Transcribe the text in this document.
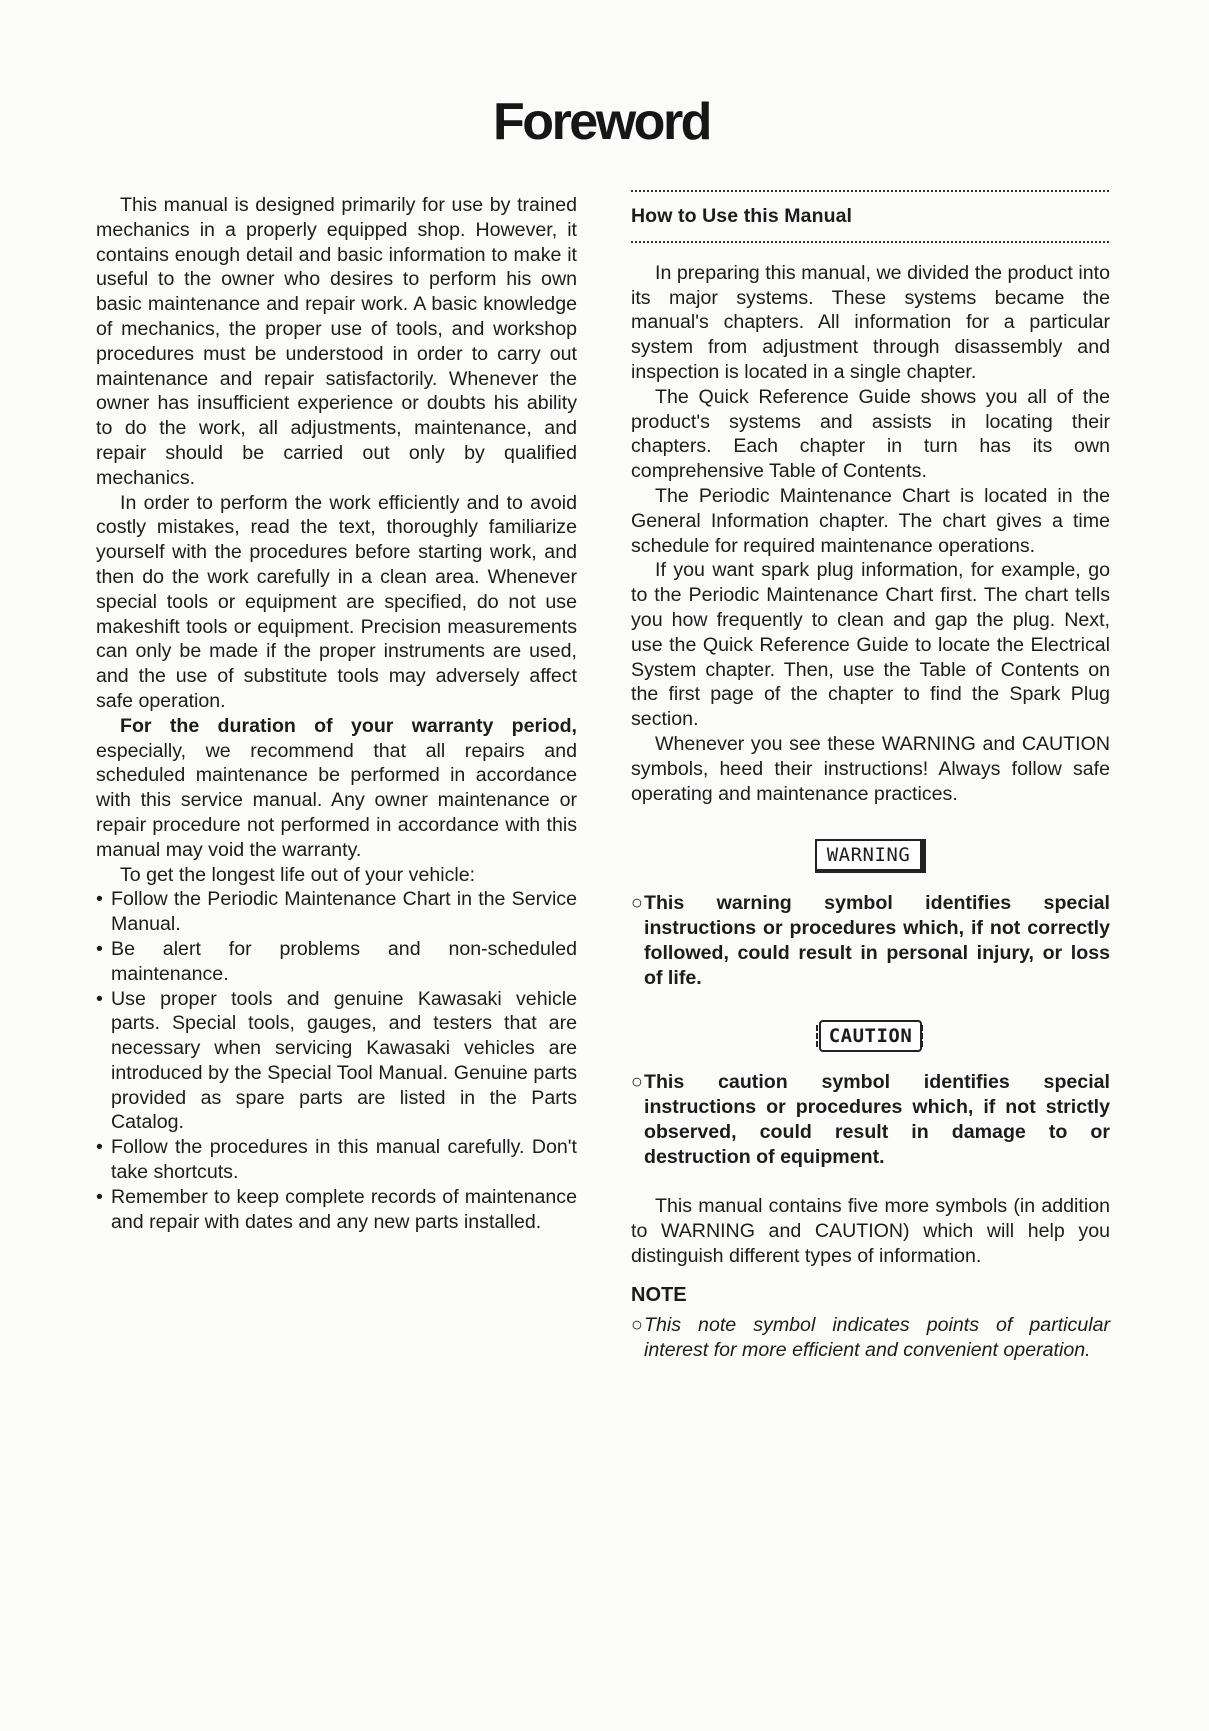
Foreword

This manual is designed primarily for use by trained mechanics in a properly equipped shop. However, it contains enough detail and basic information to make it useful to the owner who desires to perform his own basic maintenance and repair work. A basic knowledge of mechanics, the proper use of tools, and workshop procedures must be understood in order to carry out maintenance and repair satisfactorily. Whenever the owner has insufficient experience or doubts his ability to do the work, all adjustments, maintenance, and repair should be carried out only by qualified mechanics.

In order to perform the work efficiently and to avoid costly mistakes, read the text, thoroughly familiarize yourself with the procedures before starting work, and then do the work carefully in a clean area. Whenever special tools or equipment are specified, do not use makeshift tools or equipment. Precision measurements can only be made if the proper instruments are used, and the use of substitute tools may adversely affect safe operation.

For the duration of your warranty period, especially, we recommend that all repairs and scheduled maintenance be performed in accordance with this service manual. Any owner maintenance or repair procedure not performed in accordance with this manual may void the warranty.

To get the longest life out of your vehicle:

• Follow the Periodic Maintenance Chart in the Service Manual.
• Be alert for problems and non-scheduled maintenance.
• Use proper tools and genuine Kawasaki vehicle parts. Special tools, gauges, and testers that are necessary when servicing Kawasaki vehicles are introduced by the Special Tool Manual. Genuine parts provided as spare parts are listed in the Parts Catalog.
• Follow the procedures in this manual carefully. Don't take shortcuts.
• Remember to keep complete records of maintenance and repair with dates and any new parts installed.
How to Use this Manual

In preparing this manual, we divided the product into its major systems. These systems became the manual's chapters. All information for a particular system from adjustment through disassembly and inspection is located in a single chapter.

The Quick Reference Guide shows you all of the product's systems and assists in locating their chapters. Each chapter in turn has its own comprehensive Table of Contents.

The Periodic Maintenance Chart is located in the General Information chapter. The chart gives a time schedule for required maintenance operations.

If you want spark plug information, for example, go to the Periodic Maintenance Chart first. The chart tells you how frequently to clean and gap the plug. Next, use the Quick Reference Guide to locate the Electrical System chapter. Then, use the Table of Contents on the first page of the chapter to find the Spark Plug section.

Whenever you see these WARNING and CAUTION symbols, heed their instructions! Always follow safe operating and maintenance practices.

WARNING
○ This warning symbol identifies special instructions or procedures which, if not correctly followed, could result in personal injury, or loss of life.
CAUTION
○ This caution symbol identifies special instructions or procedures which, if not strictly observed, could result in damage to or destruction of equipment.

This manual contains five more symbols (in addition to WARNING and CAUTION) which will help you distinguish different types of information.

NOTE

○ This note symbol indicates points of particular interest for more efficient and convenient operation.
